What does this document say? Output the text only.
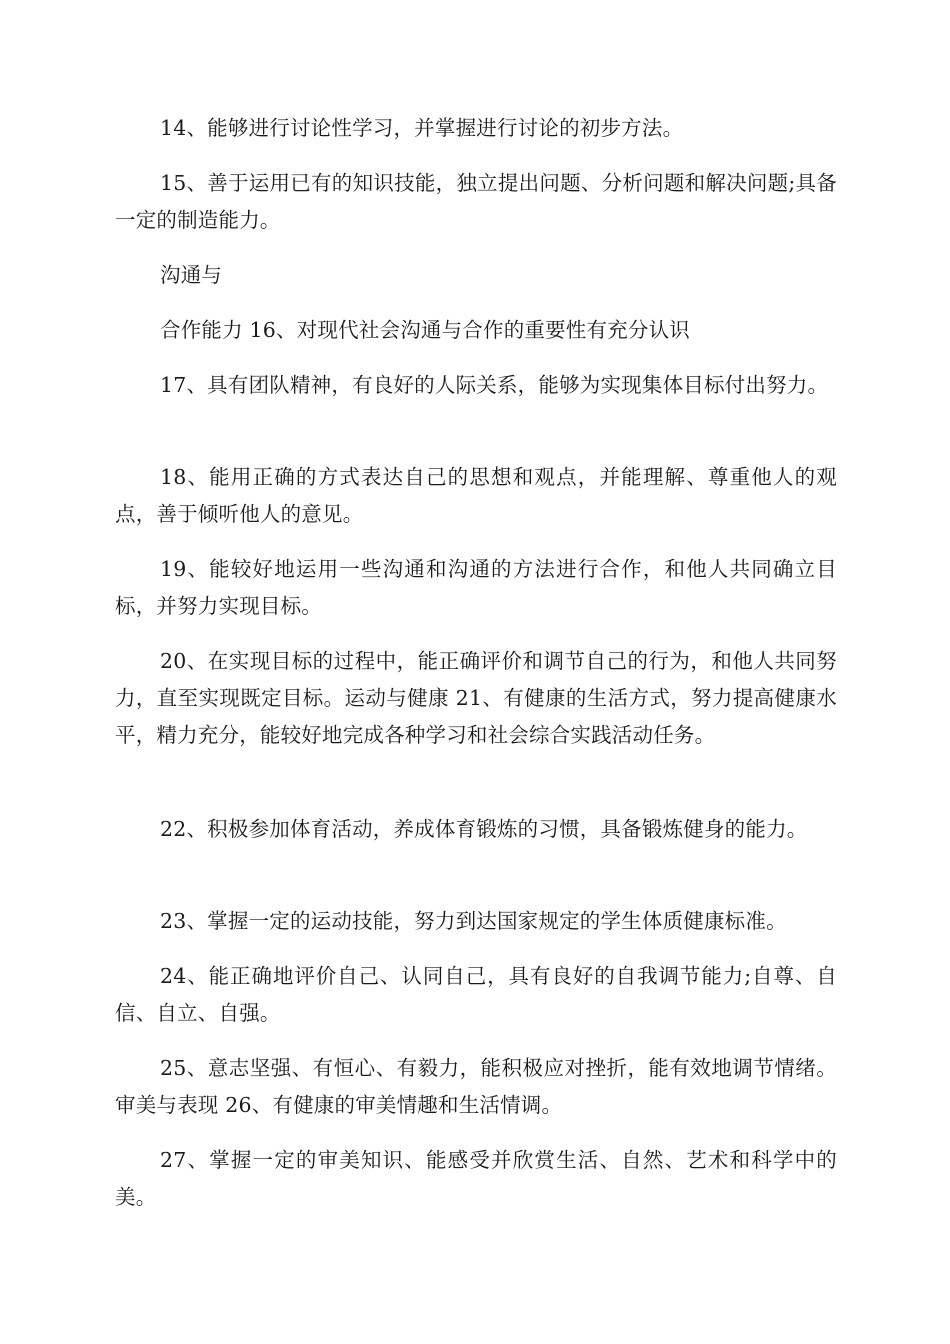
14、能够进行讨论性学习，并掌握进行讨论的初步方法。

15、善于运用已有的知识技能，独立提出问题、分析问题和解决问题;具备一定的制造能力。

沟通与

合作能力 16、对现代社会沟通与合作的重要性有充分认识

17、具有团队精神，有良好的人际关系，能够为实现集体目标付出努力。

18、能用正确的方式表达自己的思想和观点，并能理解、尊重他人的观点，善于倾听他人的意见。

19、能较好地运用一些沟通和沟通的方法进行合作，和他人共同确立目标，并努力实现目标。

20、在实现目标的过程中，能正确评价和调节自己的行为，和他人共同努力，直至实现既定目标。运动与健康 21、有健康的生活方式，努力提高健康水平，精力充分，能较好地完成各种学习和社会综合实践活动任务。

22、积极参加体育活动，养成体育锻炼的习惯，具备锻炼健身的能力。

23、掌握一定的运动技能，努力到达国家规定的学生体质健康标准。

24、能正确地评价自己、认同自己，具有良好的自我调节能力;自尊、自信、自立、自强。

25、意志坚强、有恒心、有毅力，能积极应对挫折，能有效地调节情绪。审美与表现 26、有健康的审美情趣和生活情调。

27、掌握一定的审美知识、能感受并欣赏生活、自然、艺术和科学中的美。
